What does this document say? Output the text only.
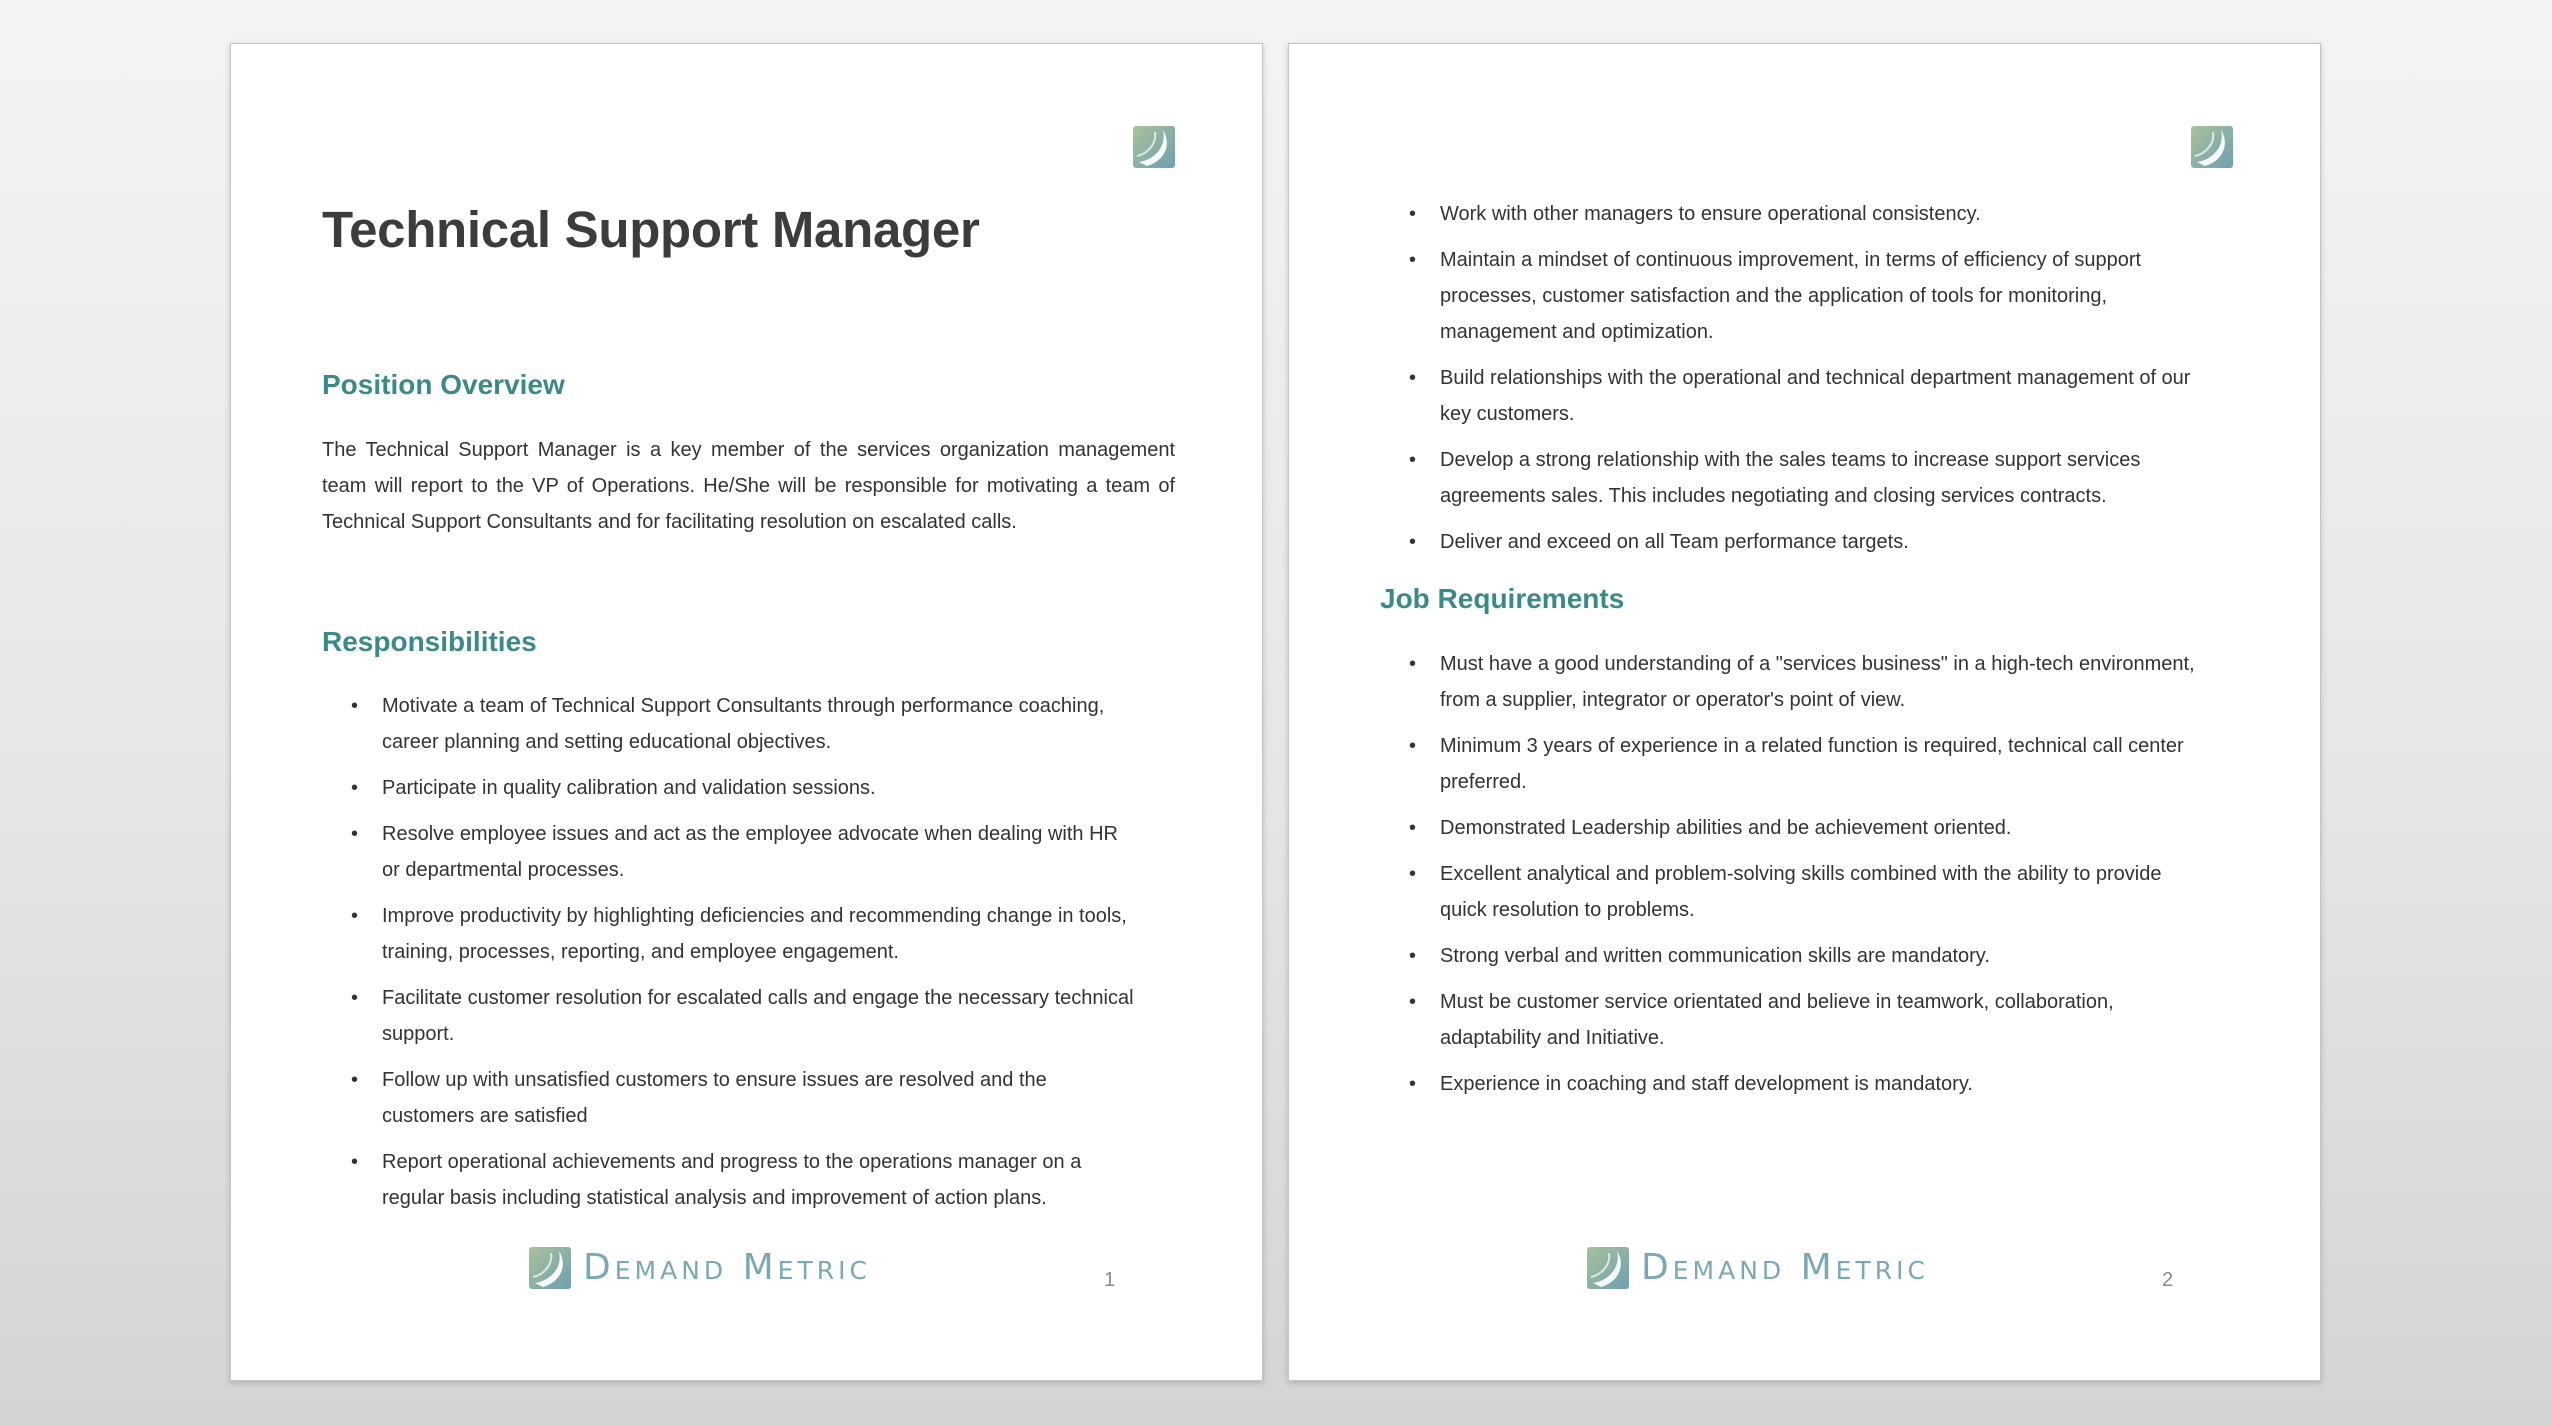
Technical Support Manager
Position Overview

The Technical Support Manager is a key member of the services organization management team will report to the VP of Operations. He/She will be responsible for motivating a team of Technical Support Consultants and for facilitating resolution on escalated calls.

Responsibilities
• Motivate a team of Technical Support Consultants through performance coaching, career planning and setting educational objectives.
• Participate in quality calibration and validation sessions.
• Resolve employee issues and act as the employee advocate when dealing with HR or departmental processes.
• Improve productivity by highlighting deficiencies and recommending change in tools, training, processes, reporting, and employee engagement.
• Facilitate customer resolution for escalated calls and engage the necessary technical support.
• Follow up with unsatisfied customers to ensure issues are resolved and the customers are satisfied
• Report operational achievements and progress to the operations manager on a regular basis including statistical analysis and improvement of action plans.
Demand Metric	1
• Work with other managers to ensure operational consistency.
• Maintain a mindset of continuous improvement, in terms of efficiency of support processes, customer satisfaction and the application of tools for monitoring, management and optimization.
• Build relationships with the operational and technical department management of our key customers.
• Develop a strong relationship with the sales teams to increase support services agreements sales. This includes negotiating and closing services contracts.
• Deliver and exceed on all Team performance targets.
Job Requirements
• Must have a good understanding of a "services business" in a high-tech environment, from a supplier, integrator or operator's point of view.
• Minimum 3 years of experience in a related function is required, technical call center preferred.
• Demonstrated Leadership abilities and be achievement oriented.
• Excellent analytical and problem-solving skills combined with the ability to provide quick resolution to problems.
• Strong verbal and written communication skills are mandatory.
• Must be customer service orientated and believe in teamwork, collaboration, adaptability and Initiative.
• Experience in coaching and staff development is mandatory.
Demand Metric	2
